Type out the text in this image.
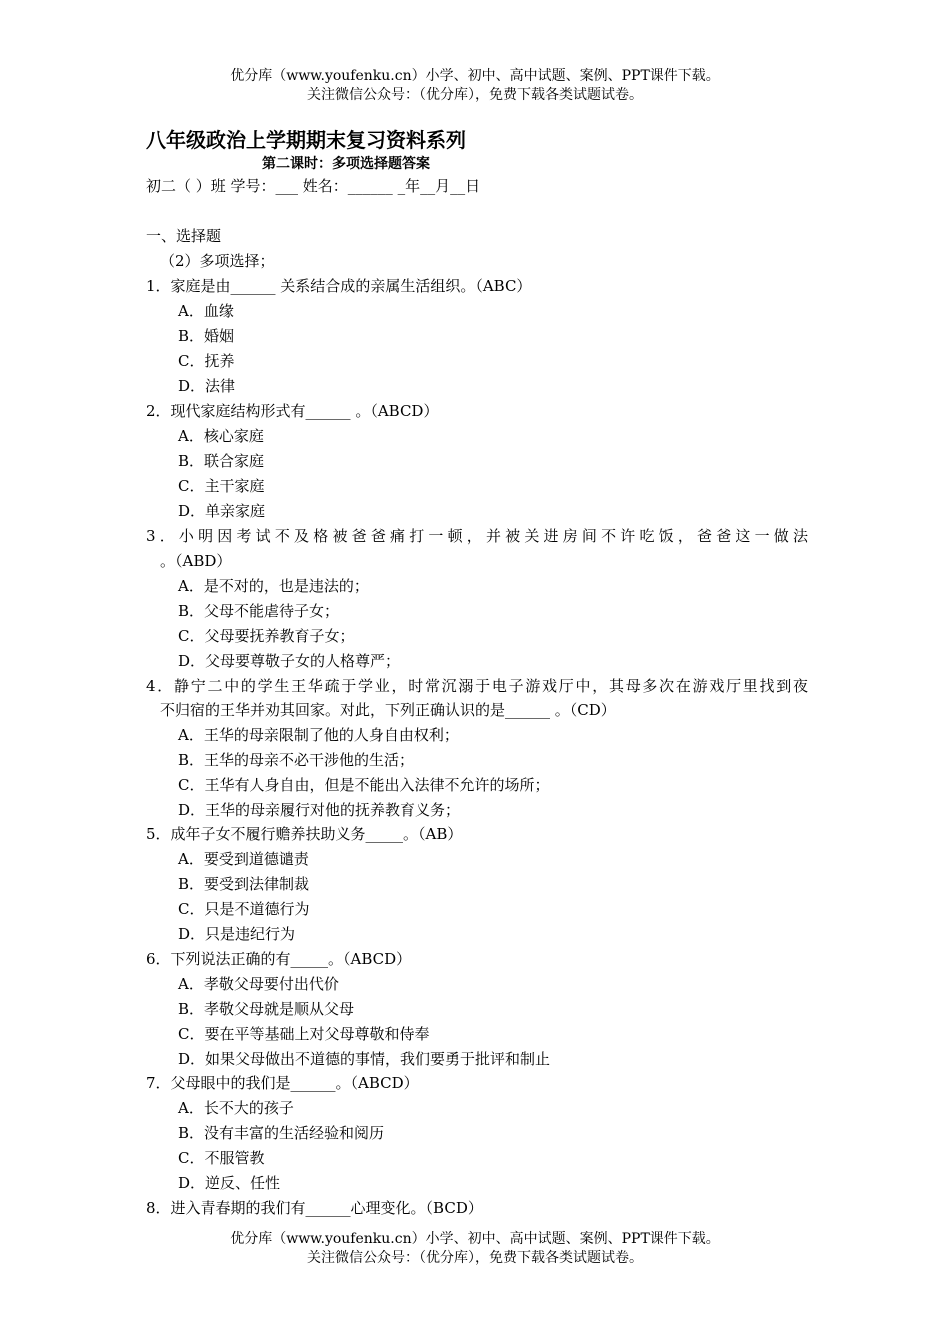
优分库（www.youfenku.cn）小学、初中、高中试题、案例、PPT课件下载。
关注微信公众号：（优分库），免费下载各类试题试卷。
八年级政治上学期期末复习资料系列
第二课时：多项选择题答案
初二（ ）班 学号：___ 姓名：______ _年__月__日
一、选择题
（2）多项选择；
1．家庭是由______ 关系结合成的亲属生活组织。（ABC）
A．血缘
B．婚姻
C．抚养
D．法律
2．现代家庭结构形式有______ 。（ABCD）
A．核心家庭
B．联合家庭
C．主干家庭
D．单亲家庭
3．小明因考试不及格被爸爸痛打一顿，并被关进房间不许吃饭，爸爸这一做法
。（ABD）
A．是不对的，也是违法的；
B．父母不能虐待子女；
C．父母要抚养教育子女；
D．父母要尊敬子女的人格尊严；
4．静宁二中的学生王华疏于学业，时常沉溺于电子游戏厅中，其母多次在游戏厅里找到夜
不归宿的王华并劝其回家。对此，下列正确认识的是______ 。（CD）
A．王华的母亲限制了他的人身自由权利；
B．王华的母亲不必干涉他的生活；
C．王华有人身自由，但是不能出入法律不允许的场所；
D．王华的母亲履行对他的抚养教育义务；
5．成年子女不履行赡养扶助义务_____。（AB）
A．要受到道德谴责
B．要受到法律制裁
C．只是不道德行为
D．只是违纪行为
6．下列说法正确的有_____。（ABCD）
A．孝敬父母要付出代价
B．孝敬父母就是顺从父母
C．要在平等基础上对父母尊敬和侍奉
D．如果父母做出不道德的事情，我们要勇于批评和制止
7．父母眼中的我们是______。（ABCD）
A．长不大的孩子
B．没有丰富的生活经验和阅历
C．不服管教
D．逆反、任性
8．进入青春期的我们有______心理变化。（BCD）
优分库（www.youfenku.cn）小学、初中、高中试题、案例、PPT课件下载。
关注微信公众号：（优分库），免费下载各类试题试卷。
